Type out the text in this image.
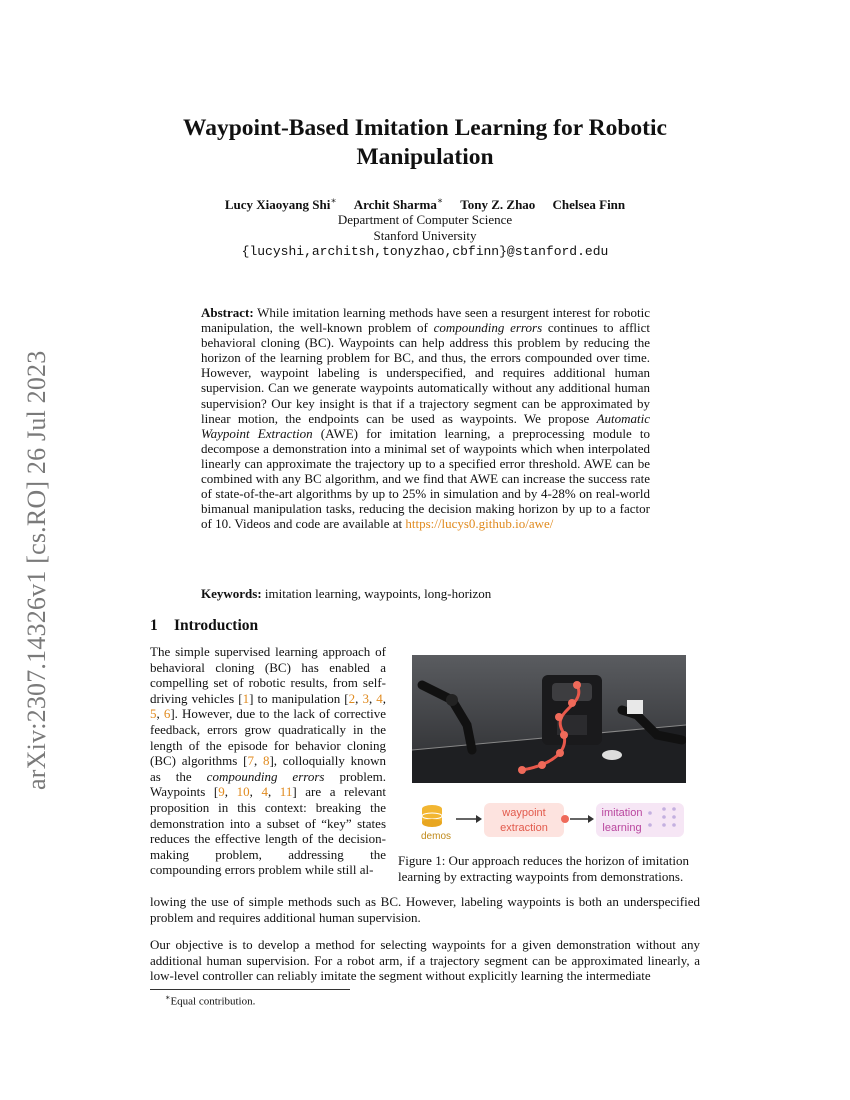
arXiv:2307.14326v1 [cs.RO] 26 Jul 2023
Waypoint-Based Imitation Learning for Robotic Manipulation
Lucy Xiaoyang Shi∗ Archit Sharma∗ Tony Z. Zhao Chelsea Finn
Department of Computer Science
Stanford University
{lucyshi,architsh,tonyzhao,cbfinn}@stanford.edu
Abstract: While imitation learning methods have seen a resurgent interest for robotic manipulation, the well-known problem of compounding errors continues to afflict behavioral cloning (BC). Waypoints can help address this problem by reducing the horizon of the learning problem for BC, and thus, the errors compounded over time. However, waypoint labeling is underspecified, and requires additional human supervision. Can we generate waypoints automatically without any additional human supervision? Our key insight is that if a trajectory segment can be approximated by linear motion, the endpoints can be used as waypoints. We propose Automatic Waypoint Extraction (AWE) for imitation learning, a preprocessing module to decompose a demonstration into a minimal set of waypoints which when interpolated linearly can approximate the trajectory up to a specified error threshold. AWE can be combined with any BC algorithm, and we find that AWE can increase the success rate of state-of-the-art algorithms by up to 25% in simulation and by 4-28% on real-world bimanual manipulation tasks, reducing the decision making horizon by up to a factor of 10. Videos and code are available at https://lucys0.github.io/awe/
Keywords: imitation learning, waypoints, long-horizon
1 Introduction
The simple supervised learning approach of behavioral cloning (BC) has enabled a compelling set of robotic results, from self-driving vehicles [1] to manipulation [2, 3, 4, 5, 6]. However, due to the lack of corrective feedback, errors grow quadratically in the length of the episode for behavior cloning (BC) algorithms [7, 8], colloquially known as the compounding errors problem. Waypoints [9, 10, 4, 11] are a relevant proposition in this context: breaking the demonstration into a subset of “key” states reduces the effective length of the decision-making problem, addressing the compounding errors problem while still al-
demos
waypoint
extraction
imitation
learning
Figure 1: Our approach reduces the horizon of imitation learning by extracting waypoints from demonstrations.
lowing the use of simple methods such as BC. However, labeling waypoints is both an underspecified problem and requires additional human supervision.
Our objective is to develop a method for selecting waypoints for a given demonstration without any additional human supervision. For a robot arm, if a trajectory segment can be approximated linearly, a low-level controller can reliably imitate the segment without explicitly learning the intermediate
∗Equal contribution.
